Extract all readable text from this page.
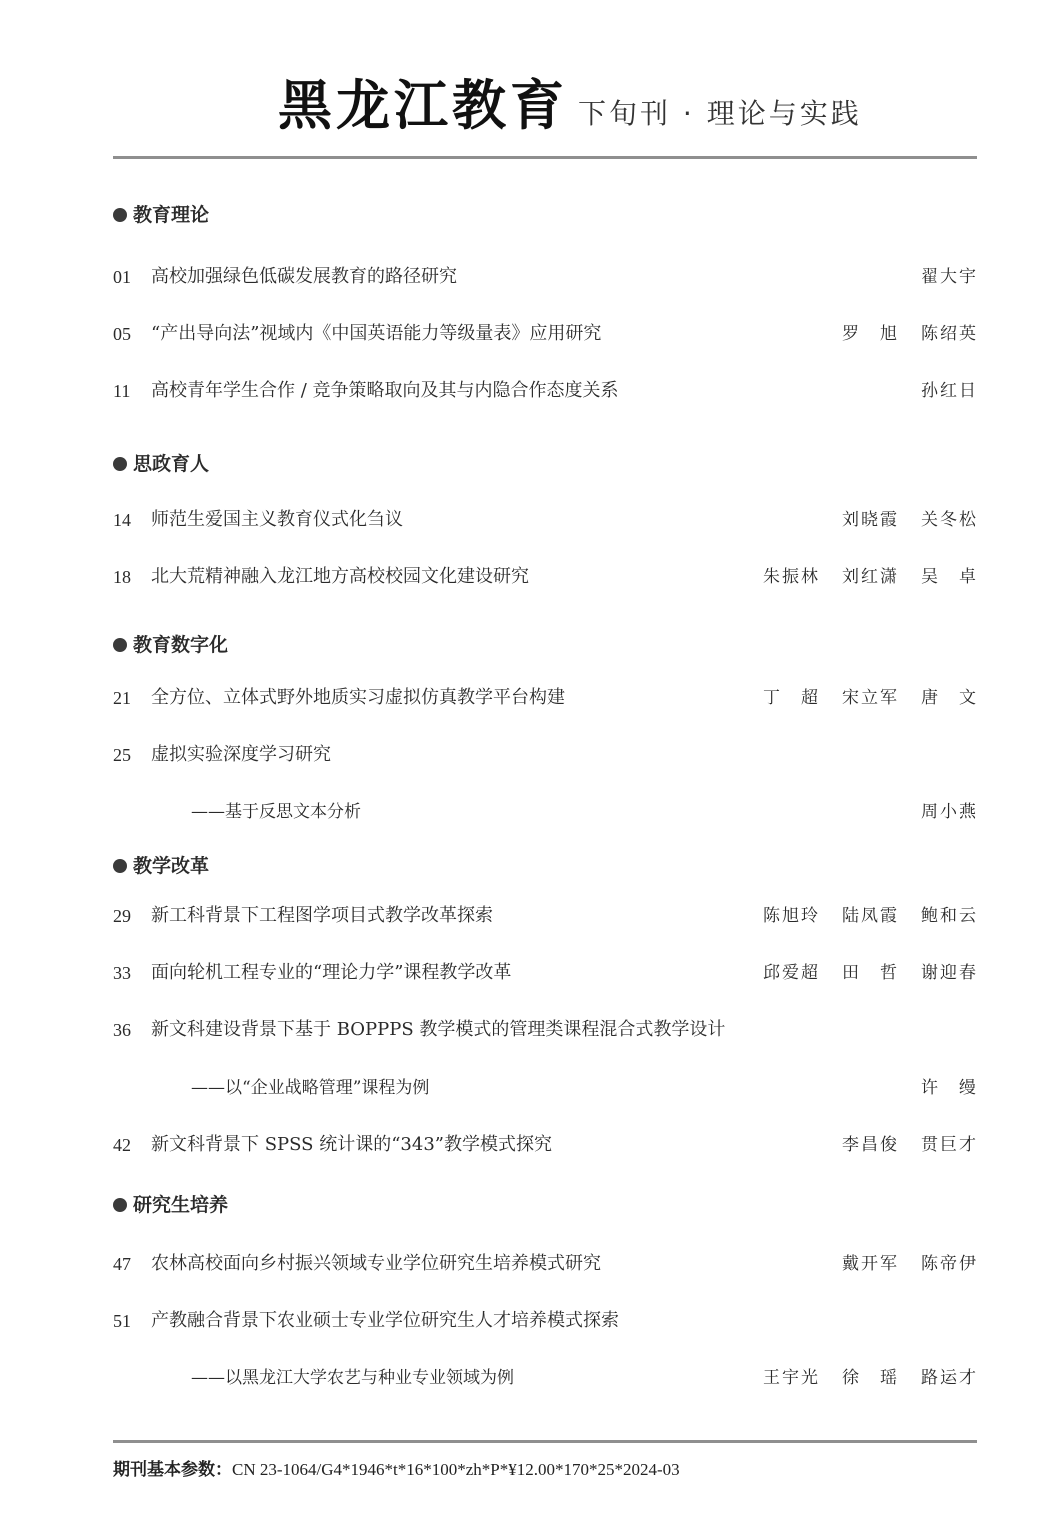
黑龙江教育 下旬刊 · 理论与实践
教育理论
01 高校加强绿色低碳发展教育的路径研究	翟大宇
05 “产出导向法”视域内《中国英语能力等级量表》应用研究	罗　旭 陈绍英
11 高校青年学生合作 / 竞争策略取向及其与内隐合作态度关系	孙红日
思政育人
14 师范生爱国主义教育仪式化刍议	刘晓霞 关冬松
18 北大荒精神融入龙江地方高校校园文化建设研究	朱振林 刘红潇 吴　卓
教育数字化
21 全方位、立体式野外地质实习虚拟仿真教学平台构建	丁　超 宋立军 唐　文
25 虚拟实验深度学习研究
——基于反思文本分析	周小燕
教学改革
29 新工科背景下工程图学项目式教学改革探索	陈旭玲 陆凤霞 鲍和云
33 面向轮机工程专业的“理论力学”课程教学改革	邱爱超 田　哲 谢迎春
36 新文科建设背景下基于 BOPPPS 教学模式的管理类课程混合式教学设计
——以“企业战略管理”课程为例	许　缦
42 新文科背景下 SPSS 统计课的“343”教学模式探究	李昌俊 贯巨才
研究生培养
47 农林高校面向乡村振兴领域专业学位研究生培养模式研究	戴开军 陈帝伊
51 产教融合背景下农业硕士专业学位研究生人才培养模式探索
——以黑龙江大学农艺与种业专业领域为例	王宇光 徐　瑶 路运才
期刊基本参数：CN 23-1064/G4*1946*t*16*100*zh*P*¥12.00*170*25*2024-03
